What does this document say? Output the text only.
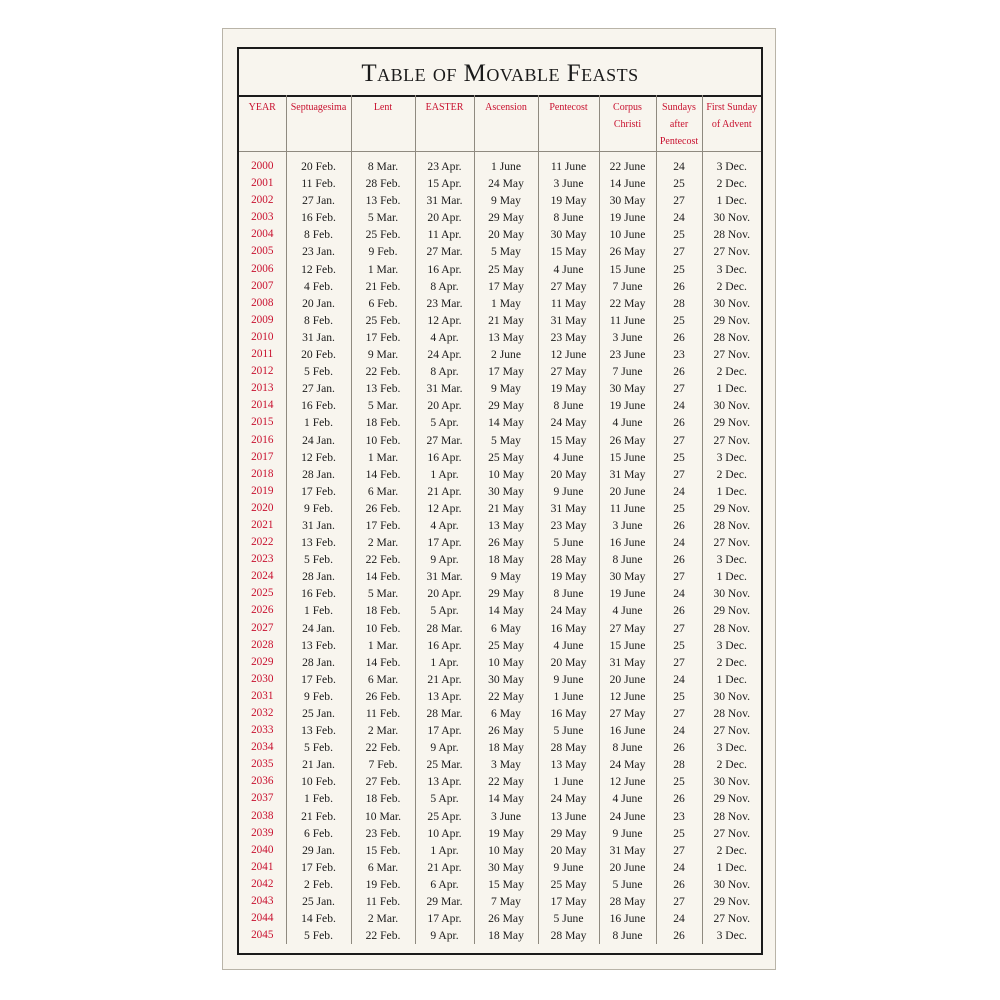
Table of Movable Feasts
YEAR	Septuagesima	Lent	EASTER	Ascension	Pentecost	Corpus Christi	Sundays after Pentecost	First Sunday of Advent
2000	20 Feb.	8 Mar.	23 Apr.	1 June	11 June	22 June	24	3 Dec.
2001	11 Feb.	28 Feb.	15 Apr.	24 May	3 June	14 June	25	2 Dec.
2002	27 Jan.	13 Feb.	31 Mar.	9 May	19 May	30 May	27	1 Dec.
2003	16 Feb.	5 Mar.	20 Apr.	29 May	8 June	19 June	24	30 Nov.
2004	8 Feb.	25 Feb.	11 Apr.	20 May	30 May	10 June	25	28 Nov.
2005	23 Jan.	9 Feb.	27 Mar.	5 May	15 May	26 May	27	27 Nov.
2006	12 Feb.	1 Mar.	16 Apr.	25 May	4 June	15 June	25	3 Dec.
2007	4 Feb.	21 Feb.	8 Apr.	17 May	27 May	7 June	26	2 Dec.
2008	20 Jan.	6 Feb.	23 Mar.	1 May	11 May	22 May	28	30 Nov.
2009	8 Feb.	25 Feb.	12 Apr.	21 May	31 May	11 June	25	29 Nov.
2010	31 Jan.	17 Feb.	4 Apr.	13 May	23 May	3 June	26	28 Nov.
2011	20 Feb.	9 Mar.	24 Apr.	2 June	12 June	23 June	23	27 Nov.
2012	5 Feb.	22 Feb.	8 Apr.	17 May	27 May	7 June	26	2 Dec.
2013	27 Jan.	13 Feb.	31 Mar.	9 May	19 May	30 May	27	1 Dec.
2014	16 Feb.	5 Mar.	20 Apr.	29 May	8 June	19 June	24	30 Nov.
2015	1 Feb.	18 Feb.	5 Apr.	14 May	24 May	4 June	26	29 Nov.
2016	24 Jan.	10 Feb.	27 Mar.	5 May	15 May	26 May	27	27 Nov.
2017	12 Feb.	1 Mar.	16 Apr.	25 May	4 June	15 June	25	3 Dec.
2018	28 Jan.	14 Feb.	1 Apr.	10 May	20 May	31 May	27	2 Dec.
2019	17 Feb.	6 Mar.	21 Apr.	30 May	9 June	20 June	24	1 Dec.
2020	9 Feb.	26 Feb.	12 Apr.	21 May	31 May	11 June	25	29 Nov.
2021	31 Jan.	17 Feb.	4 Apr.	13 May	23 May	3 June	26	28 Nov.
2022	13 Feb.	2 Mar.	17 Apr.	26 May	5 June	16 June	24	27 Nov.
2023	5 Feb.	22 Feb.	9 Apr.	18 May	28 May	8 June	26	3 Dec.
2024	28 Jan.	14 Feb.	31 Mar.	9 May	19 May	30 May	27	1 Dec.
2025	16 Feb.	5 Mar.	20 Apr.	29 May	8 June	19 June	24	30 Nov.
2026	1 Feb.	18 Feb.	5 Apr.	14 May	24 May	4 June	26	29 Nov.
2027	24 Jan.	10 Feb.	28 Mar.	6 May	16 May	27 May	27	28 Nov.
2028	13 Feb.	1 Mar.	16 Apr.	25 May	4 June	15 June	25	3 Dec.
2029	28 Jan.	14 Feb.	1 Apr.	10 May	20 May	31 May	27	2 Dec.
2030	17 Feb.	6 Mar.	21 Apr.	30 May	9 June	20 June	24	1 Dec.
2031	9 Feb.	26 Feb.	13 Apr.	22 May	1 June	12 June	25	30 Nov.
2032	25 Jan.	11 Feb.	28 Mar.	6 May	16 May	27 May	27	28 Nov.
2033	13 Feb.	2 Mar.	17 Apr.	26 May	5 June	16 June	24	27 Nov.
2034	5 Feb.	22 Feb.	9 Apr.	18 May	28 May	8 June	26	3 Dec.
2035	21 Jan.	7 Feb.	25 Mar.	3 May	13 May	24 May	28	2 Dec.
2036	10 Feb.	27 Feb.	13 Apr.	22 May	1 June	12 June	25	30 Nov.
2037	1 Feb.	18 Feb.	5 Apr.	14 May	24 May	4 June	26	29 Nov.
2038	21 Feb.	10 Mar.	25 Apr.	3 June	13 June	24 June	23	28 Nov.
2039	6 Feb.	23 Feb.	10 Apr.	19 May	29 May	9 June	25	27 Nov.
2040	29 Jan.	15 Feb.	1 Apr.	10 May	20 May	31 May	27	2 Dec.
2041	17 Feb.	6 Mar.	21 Apr.	30 May	9 June	20 June	24	1 Dec.
2042	2 Feb.	19 Feb.	6 Apr.	15 May	25 May	5 June	26	30 Nov.
2043	25 Jan.	11 Feb.	29 Mar.	7 May	17 May	28 May	27	29 Nov.
2044	14 Feb.	2 Mar.	17 Apr.	26 May	5 June	16 June	24	27 Nov.
2045	5 Feb.	22 Feb.	9 Apr.	18 May	28 May	8 June	26	3 Dec.
